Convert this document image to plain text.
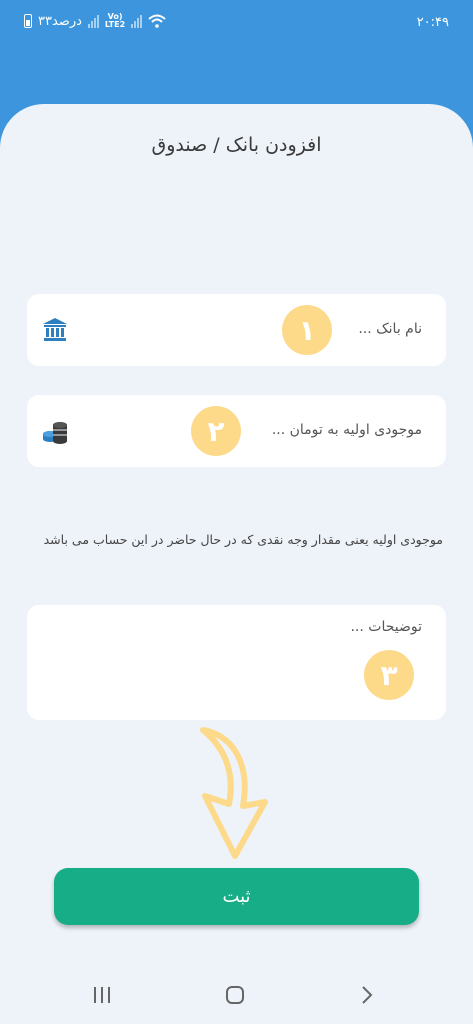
۳۳درصد	Vo)
LTE2	۲۰:۴۹
افزودن بانک / صندوق
نام بانک ...
۱
موجودی اولیه به تومان ...
۲
موجودی اولیه یعنی مقدار وجه نقدی که در حال حاضر در این حساب می باشد
توضیحات ...
۳
ثبت
